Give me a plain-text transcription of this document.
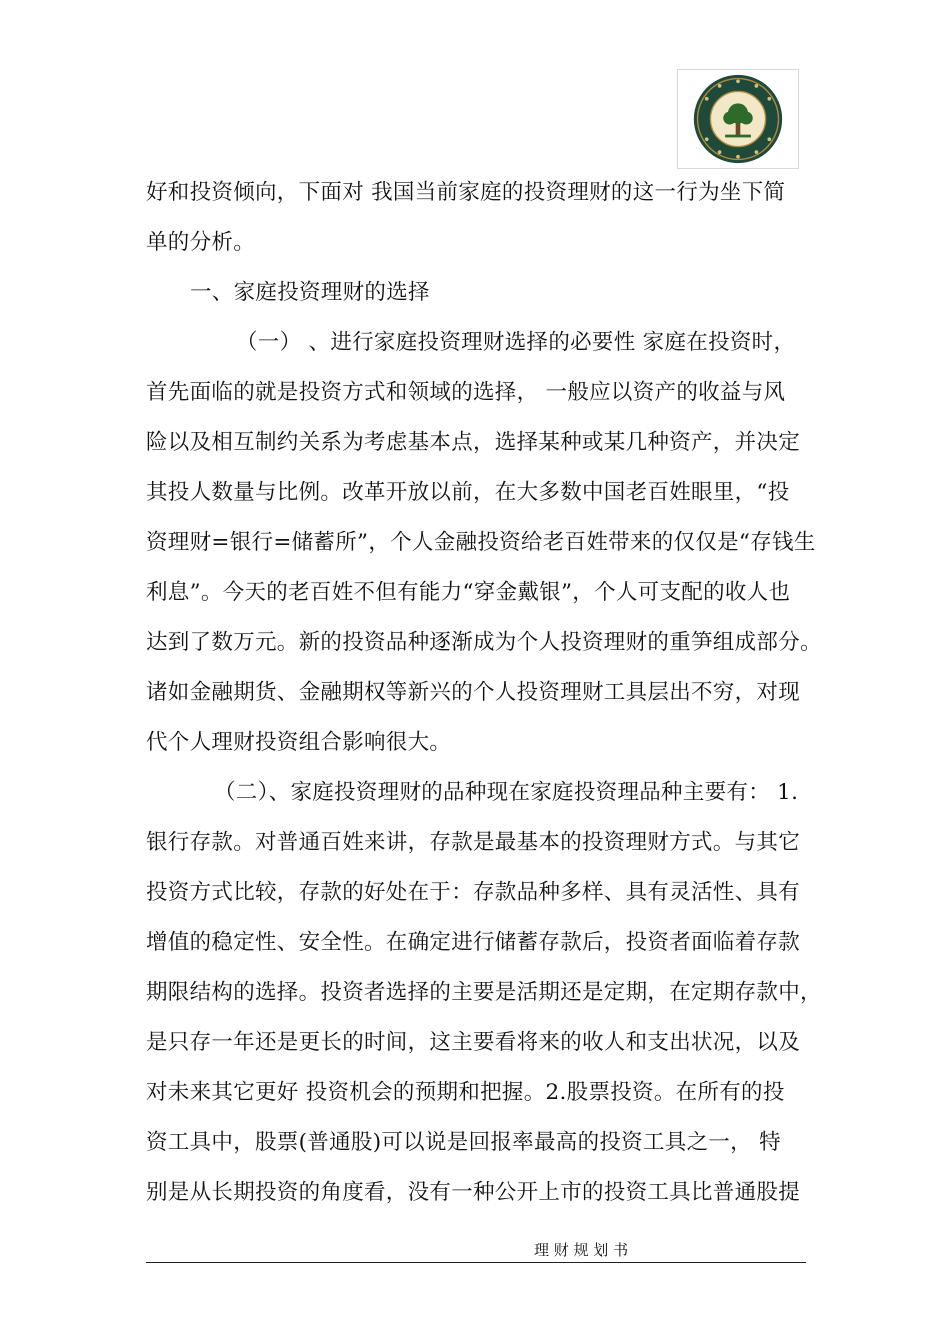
好和投资倾向，下面对 我国当前家庭的投资理财的这一行为坐下简
单的分析。
一、家庭投资理财的选择
（一） 、进行家庭投资理财选择的必要性 家庭在投资时，
首先面临的就是投资方式和领域的选择， 一般应以资产的收益与风
险以及相互制约关系为考虑基本点，选择某种或某几种资产，并决定
其投人数量与比例。改革开放以前，在大多数中国老百姓眼里，“投
资理财=银行=储蓄所”，个人金融投资给老百姓带来的仅仅是“存钱生
利息”。今天的老百姓不但有能力“穿金戴银”，个人可支配的收人也
达到了数万元。新的投资品种逐渐成为个人投资理财的重笋组成部分。
诸如金融期货、金融期权等新兴的个人投资理财工具层出不穷，对现
代个人理财投资组合影响很大。
（二）、家庭投资理财的品种现在家庭投资理品种主要有： 1.
银行存款。对普通百姓来讲，存款是最基本的投资理财方式。与其它
投资方式比较，存款的好处在于：存款品种多样、具有灵活性、具有
增值的稳定性、安全性。在确定进行储蓄存款后，投资者面临着存款
期限结构的选择。投资者选择的主要是活期还是定期，在定期存款中，
是只存一年还是更长的时间，这主要看将来的收人和支出状况，以及
对未来其它更好 投资机会的预期和把握。2.股票投资。在所有的投
资工具中，股票(普通股)可以说是回报率最高的投资工具之一， 特
别是从长期投资的角度看，没有一种公开上市的投资工具比普通股提
理 财 规 划 书
